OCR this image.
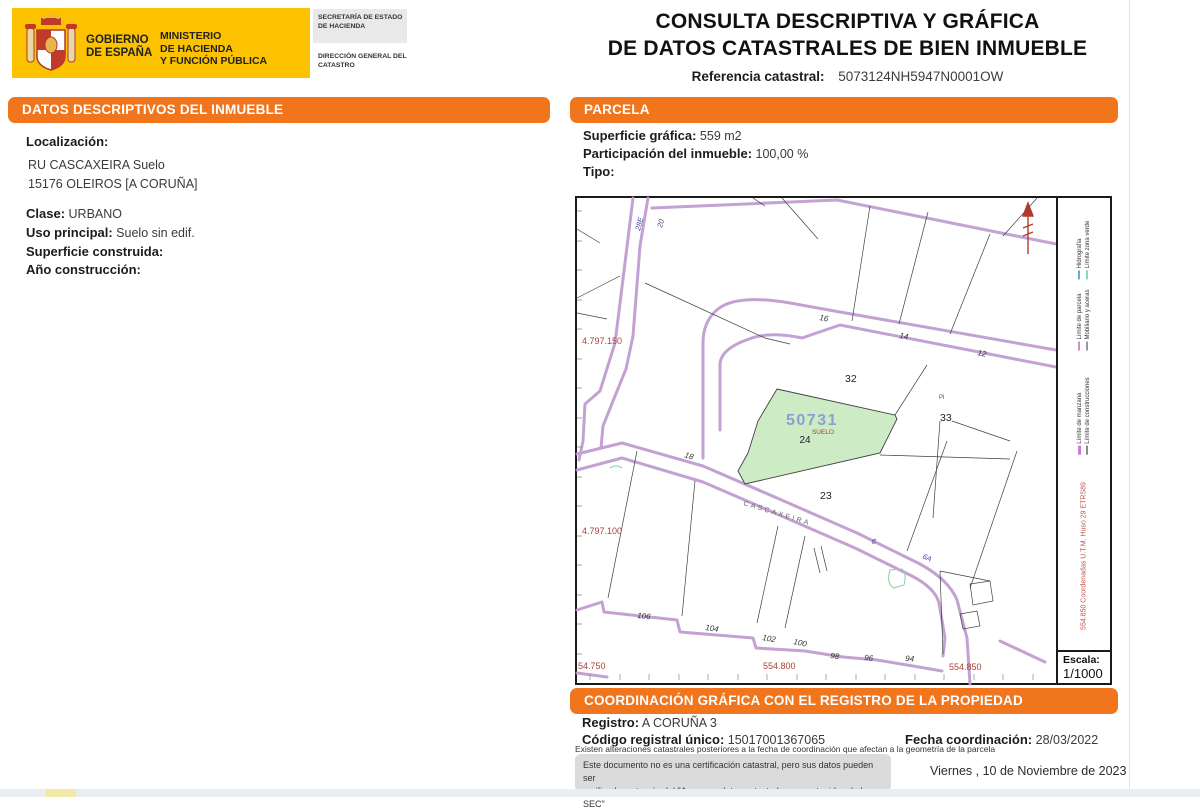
GOBIERNO
DE ESPAÑA
MINISTERIO
DE HACIENDA
Y FUNCIÓN PÚBLICA
SECRETARÍA DE ESTADO DE HACIENDA
DIRECCIÓN GENERAL DEL CATASTRO
CONSULTA DESCRIPTIVA Y GRÁFICA
DE DATOS CATASTRALES DE BIEN INMUEBLE
Referencia catastral: 5073124NH5947N0001OW
DATOS DESCRIPTIVOS DEL INMUEBLE
Localización:
RU CASCAXEIRA Suelo
15176 OLEIROS [A CORUÑA]
Clase: URBANO
Uso principal: Suelo sin edif.
Superficie construida:
Año construcción:
PARCELA
Superficie gráfica: 559 m2
Participación del inmueble: 100,00 %
Tipo:
28E 20
6
6A
16
14
12
18
106
104
102 100
98	96	94
32
33
23
Pl
50731
SUELO
24
CASCAXEIRA
4.797.150
4.797.100
54.750	554.800	554.850
Hidrografía Límite zona verde
Límite de parcela Mobiliario y aceras
Límite de manzana Límite de construcciones
554.850 Coordenadas U.T.M. Huso 29 ETRS89
Escala:
1/1000
COORDINACIÓN GRÁFICA CON EL REGISTRO DE LA PROPIEDAD
Registro: A CORUÑA 3
Código registral único: 15017001367065	Fecha coordinación: 28/03/2022
Existen alteraciones catastrales posteriores a la fecha de coordinación que afectan a la geometría de la parcela
Este documento no es una certificación catastral, pero sus datos pueden ser
SEC"
Viernes , 10 de Noviembre de 2023
